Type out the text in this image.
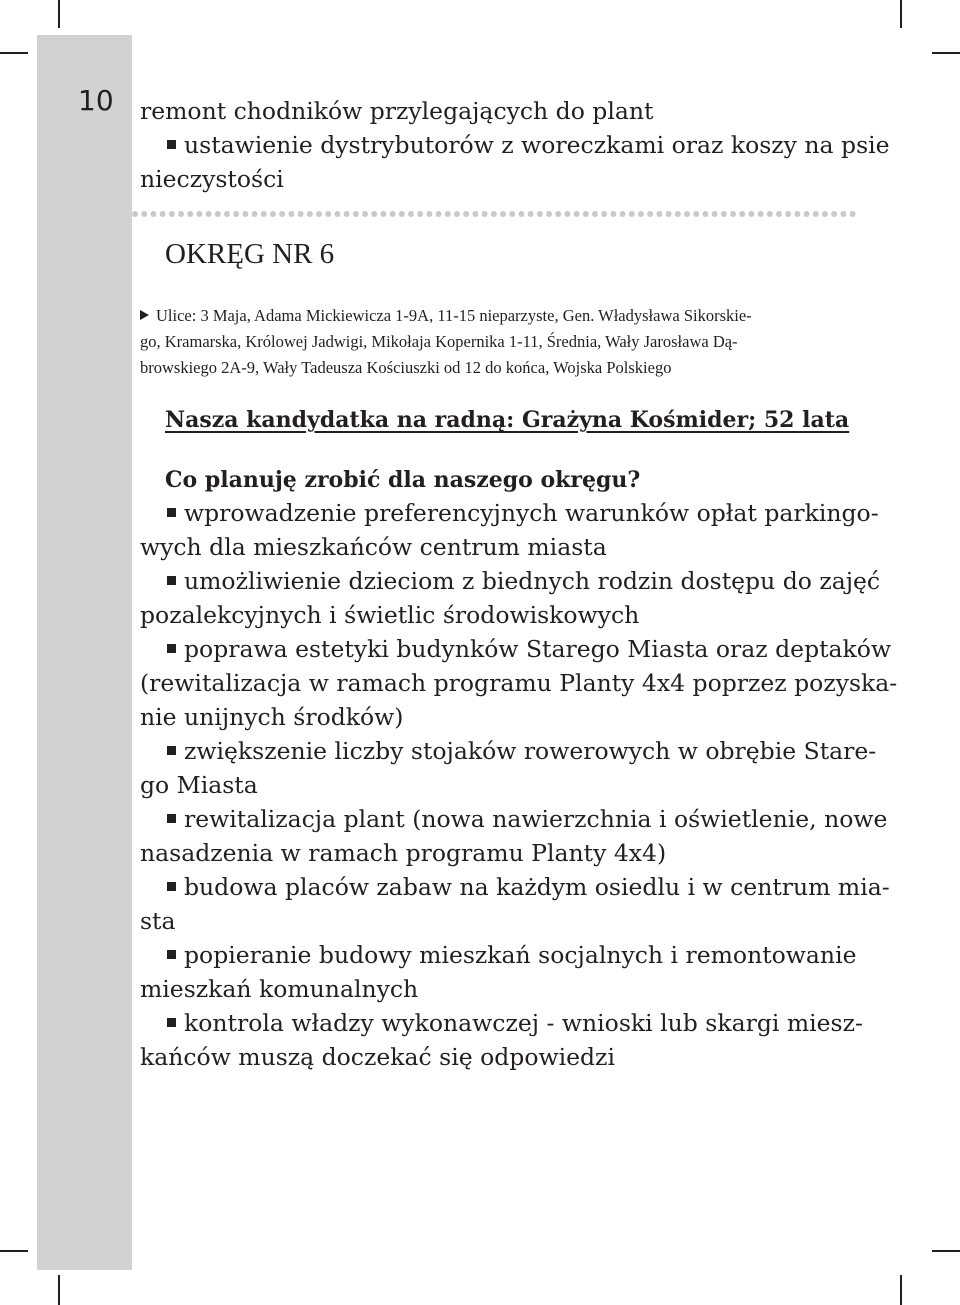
10 remont chodników przylegających do plant

ustawienie dystrybutorów z woreczkami oraz koszy na psie

nieczystości

OKRĘG NR 6

Ulice: 3 Maja, Adama Mickiewicza 1-9A, 11-15 nieparzyste, Gen. Władysława Sikorskie-

go, Kramarska, Królowej Jadwigi, Mikołaja Kopernika 1-11, Średnia, Wały Jarosława Dą-

browskiego 2A-9, Wały Tadeusza Kościuszki od 12 do końca, Wojska Polskiego

Nasza kandydatka na radną: Grażyna Kośmider; 52 lata

Co planuję zrobić dla naszego okręgu?

wprowadzenie preferencyjnych warunków opłat parkingo-

wych dla mieszkańców centrum miasta

umożliwienie dzieciom z biednych rodzin dostępu do zajęć

pozalekcyjnych i świetlic środowiskowych

poprawa estetyki budynków Starego Miasta oraz deptaków

(rewitalizacja w ramach programu Planty 4x4 poprzez pozyska-

nie unijnych środków)

zwiększenie liczby stojaków rowerowych w obrębie Stare-

go Miasta

rewitalizacja plant (nowa nawierzchnia i oświetlenie, nowe

nasadzenia w ramach programu Planty 4x4)

budowa placów zabaw na każdym osiedlu i w centrum mia-

sta

popieranie budowy mieszkań socjalnych i remontowanie

mieszkań komunalnych

kontrola władzy wykonawczej - wnioski lub skargi miesz-

kańców muszą doczekać się odpowiedzi
